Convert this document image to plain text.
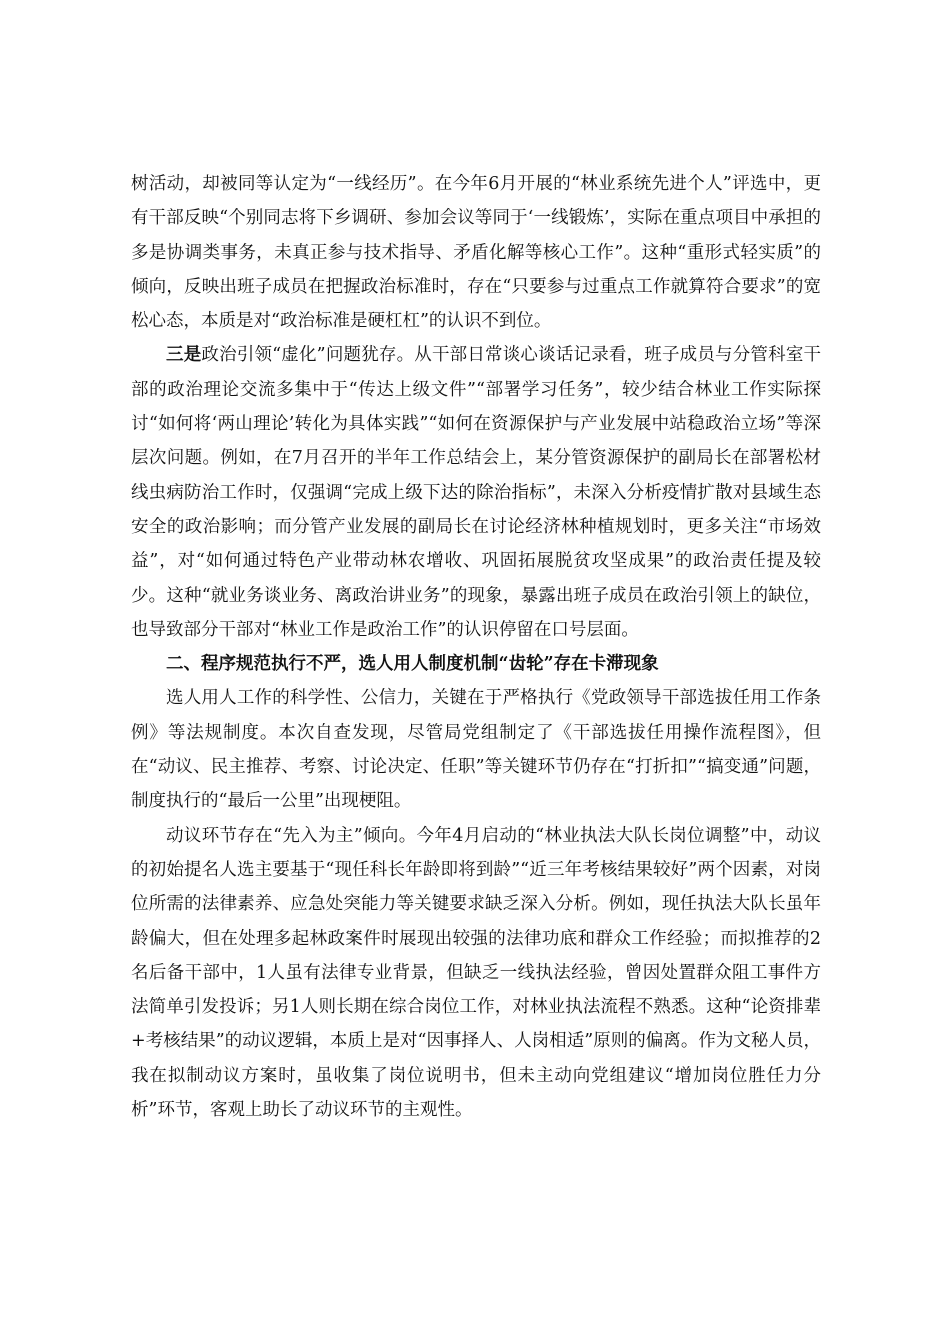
树活动，却被同等认定为“一线经历”。在今年6月开展的“林业系统先进个人”评选中，更有干部反映“个别同志将下乡调研、参加会议等同于‘一线锻炼’，实际在重点项目中承担的多是协调类事务，未真正参与技术指导、矛盾化解等核心工作”。这种“重形式轻实质”的倾向，反映出班子成员在把握政治标准时，存在“只要参与过重点工作就算符合要求”的宽松心态，本质是对“政治标准是硬杠杠”的认识不到位。

三是政治引领“虚化”问题犹存。从干部日常谈心谈话记录看，班子成员与分管科室干部的政治理论交流多集中于“传达上级文件”“部署学习任务”，较少结合林业工作实际探讨“如何将‘两山理论’转化为具体实践”“如何在资源保护与产业发展中站稳政治立场”等深层次问题。例如，在7月召开的半年工作总结会上，某分管资源保护的副局长在部署松材线虫病防治工作时，仅强调“完成上级下达的除治指标”，未深入分析疫情扩散对县域生态安全的政治影响；而分管产业发展的副局长在讨论经济林种植规划时，更多关注“市场效益”，对“如何通过特色产业带动林农增收、巩固拓展脱贫攻坚成果”的政治责任提及较少。这种“就业务谈业务、离政治讲业务”的现象，暴露出班子成员在政治引领上的缺位，也导致部分干部对“林业工作是政治工作”的认识停留在口号层面。

二、程序规范执行不严，选人用人制度机制“齿轮”存在卡滞现象

选人用人工作的科学性、公信力，关键在于严格执行《党政领导干部选拔任用工作条例》等法规制度。本次自查发现，尽管局党组制定了《干部选拔任用操作流程图》，但在“动议、民主推荐、考察、讨论决定、任职”等关键环节仍存在“打折扣”“搞变通”问题，制度执行的“最后一公里”出现梗阻。

动议环节存在“先入为主”倾向。今年4月启动的“林业执法大队长岗位调整”中，动议的初始提名人选主要基于“现任科长年龄即将到龄”“近三年考核结果较好”两个因素，对岗位所需的法律素养、应急处突能力等关键要求缺乏深入分析。例如，现任执法大队长虽年龄偏大，但在处理多起林政案件时展现出较强的法律功底和群众工作经验；而拟推荐的2名后备干部中，1人虽有法律专业背景，但缺乏一线执法经验，曾因处置群众阻工事件方法简单引发投诉；另1人则长期在综合岗位工作，对林业执法流程不熟悉。这种“论资排辈+考核结果”的动议逻辑，本质上是对“因事择人、人岗相适”原则的偏离。作为文秘人员，我在拟制动议方案时，虽收集了岗位说明书，但未主动向党组建议“增加岗位胜任力分析”环节，客观上助长了动议环节的主观性。
